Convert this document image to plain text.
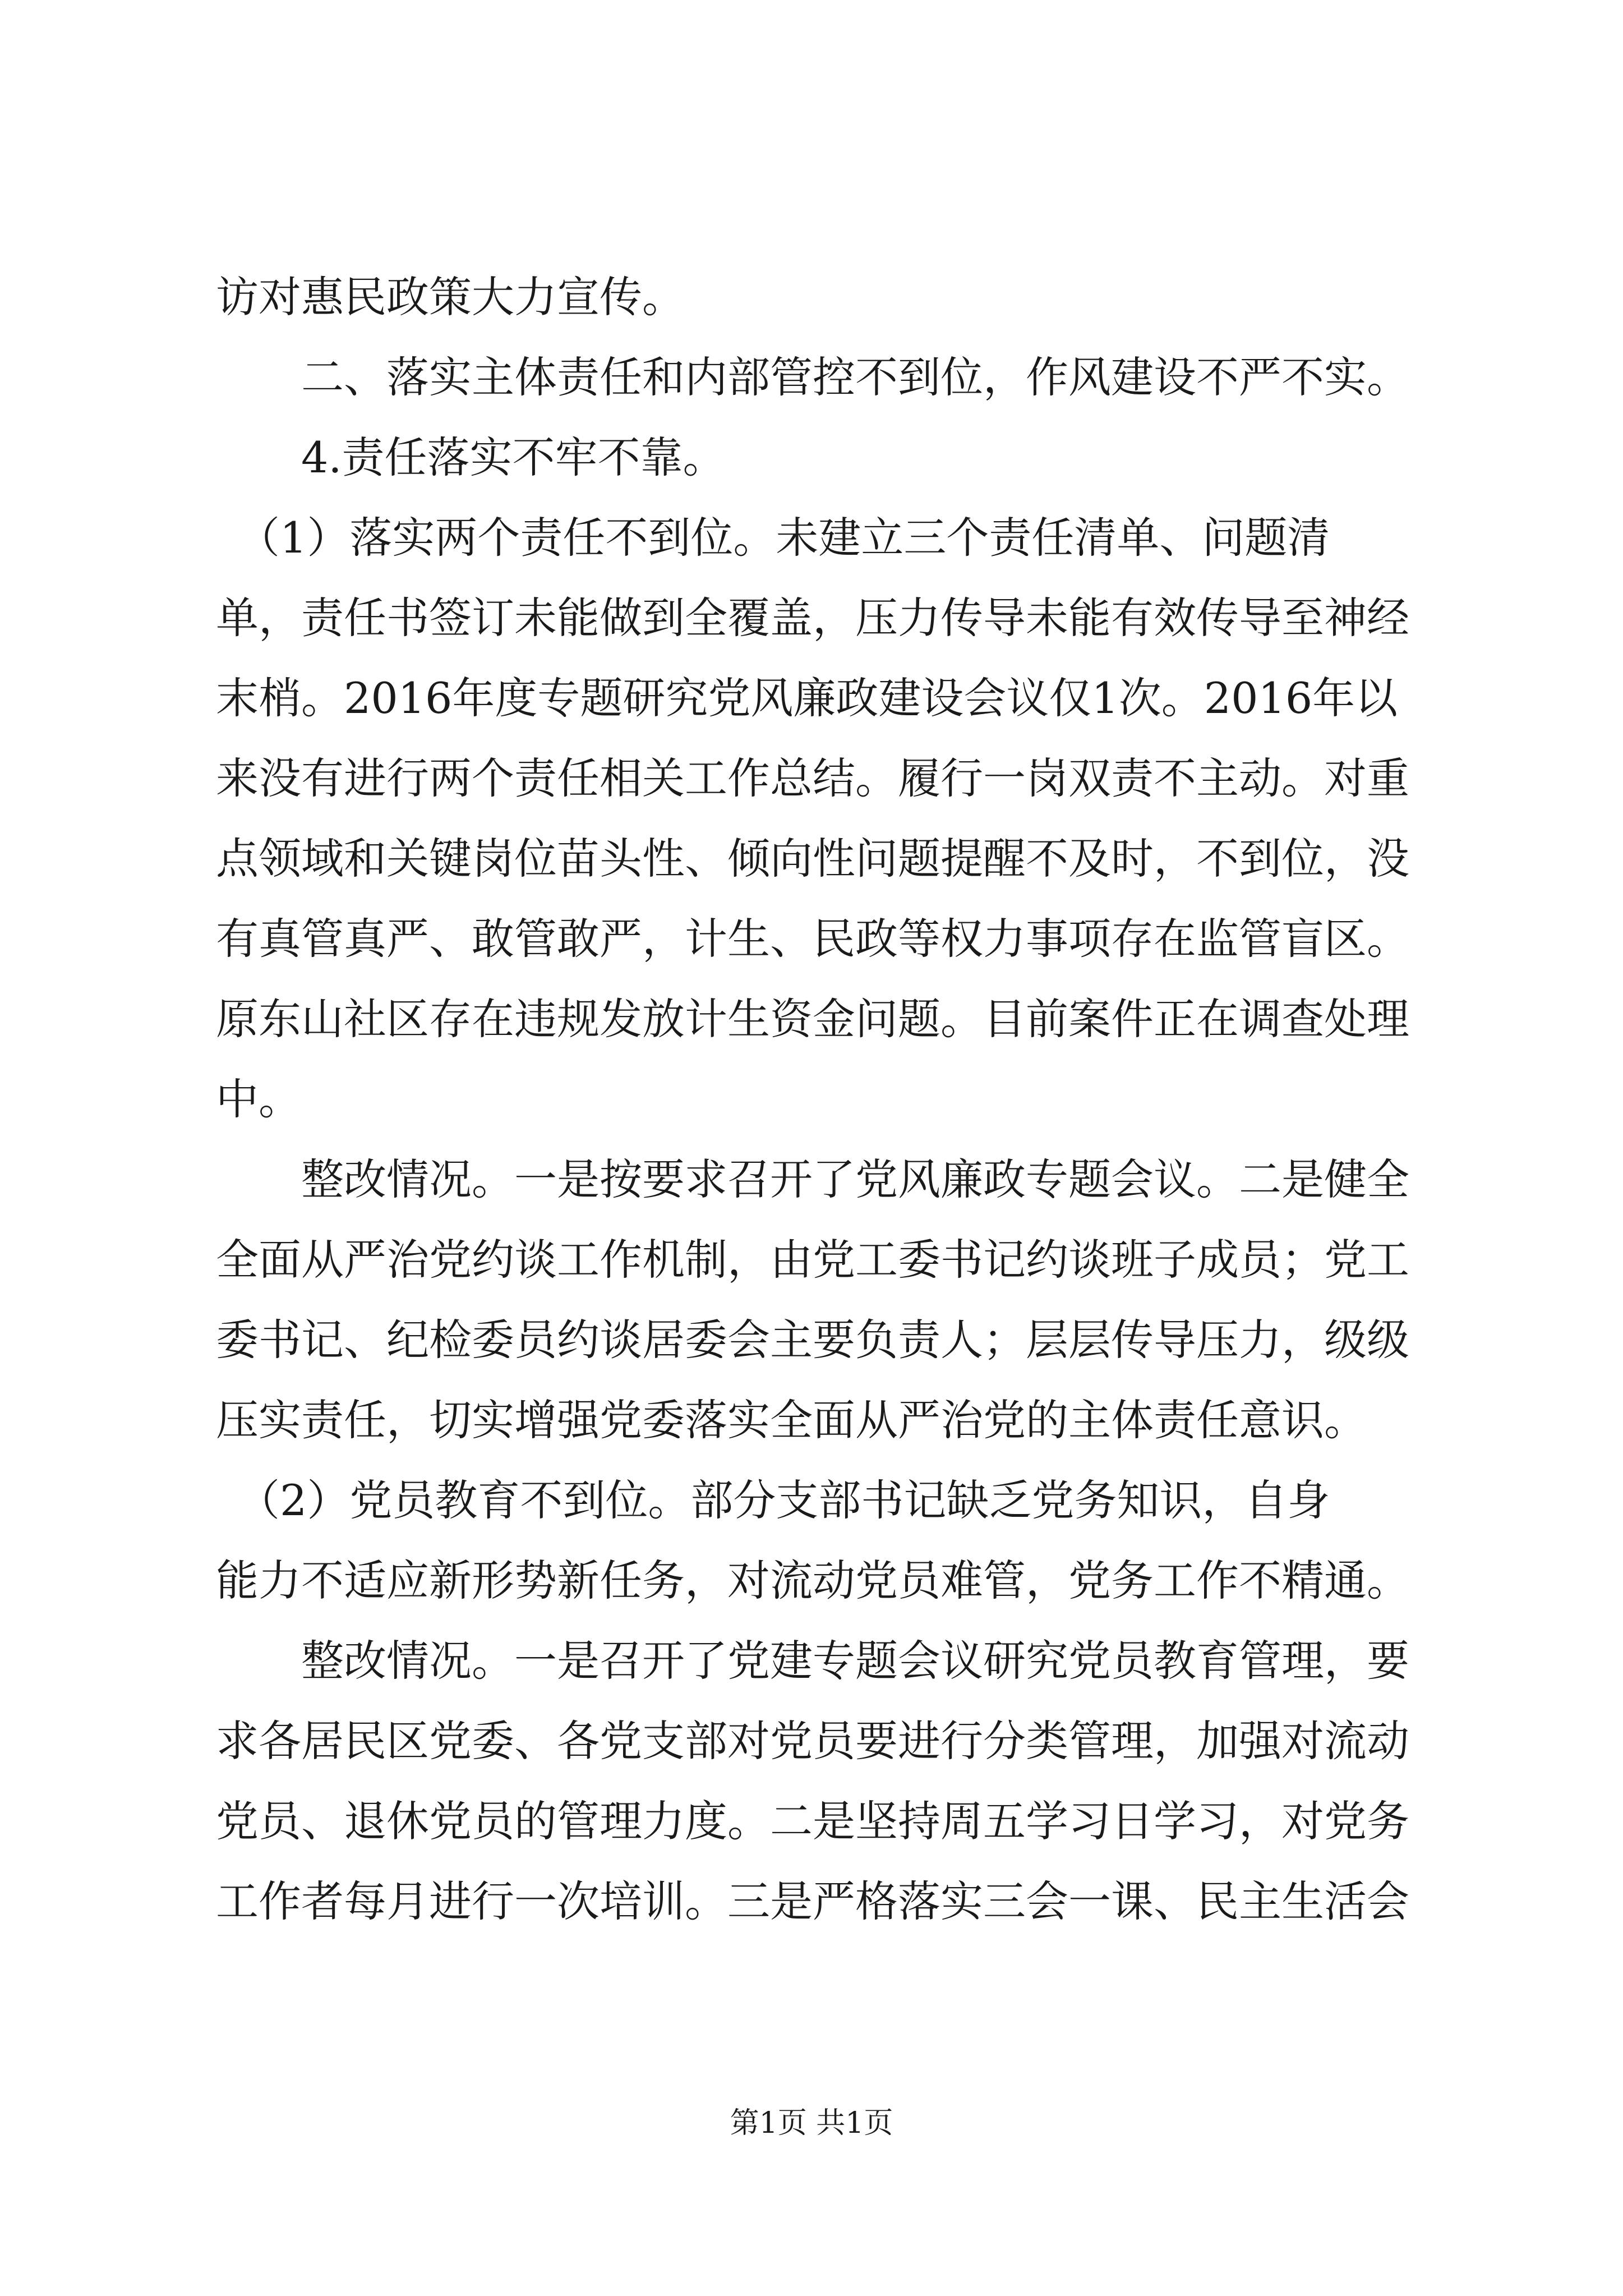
访对惠民政策大力宣传。
　　二、落实主体责任和内部管控不到位，作风建设不严不实。
　　4.责任落实不牢不靠。
　（1）落实两个责任不到位。未建立三个责任清单、问题清
单，责任书签订未能做到全覆盖，压力传导未能有效传导至神经
末梢。2016年度专题研究党风廉政建设会议仅1次。2016年以
来没有进行两个责任相关工作总结。履行一岗双责不主动。对重
点领域和关键岗位苗头性、倾向性问题提醒不及时，不到位，没
有真管真严、敢管敢严，计生、民政等权力事项存在监管盲区。
原东山社区存在违规发放计生资金问题。目前案件正在调查处理
中。
　　整改情况。一是按要求召开了党风廉政专题会议。二是健全
全面从严治党约谈工作机制，由党工委书记约谈班子成员；党工
委书记、纪检委员约谈居委会主要负责人；层层传导压力，级级
压实责任，切实增强党委落实全面从严治党的主体责任意识。
　（2）党员教育不到位。部分支部书记缺乏党务知识，自身
能力不适应新形势新任务，对流动党员难管，党务工作不精通。
　　整改情况。一是召开了党建专题会议研究党员教育管理，要
求各居民区党委、各党支部对党员要进行分类管理，加强对流动
党员、退休党员的管理力度。二是坚持周五学习日学习，对党务
工作者每月进行一次培训。三是严格落实三会一课、民主生活会
第1页 共1页
